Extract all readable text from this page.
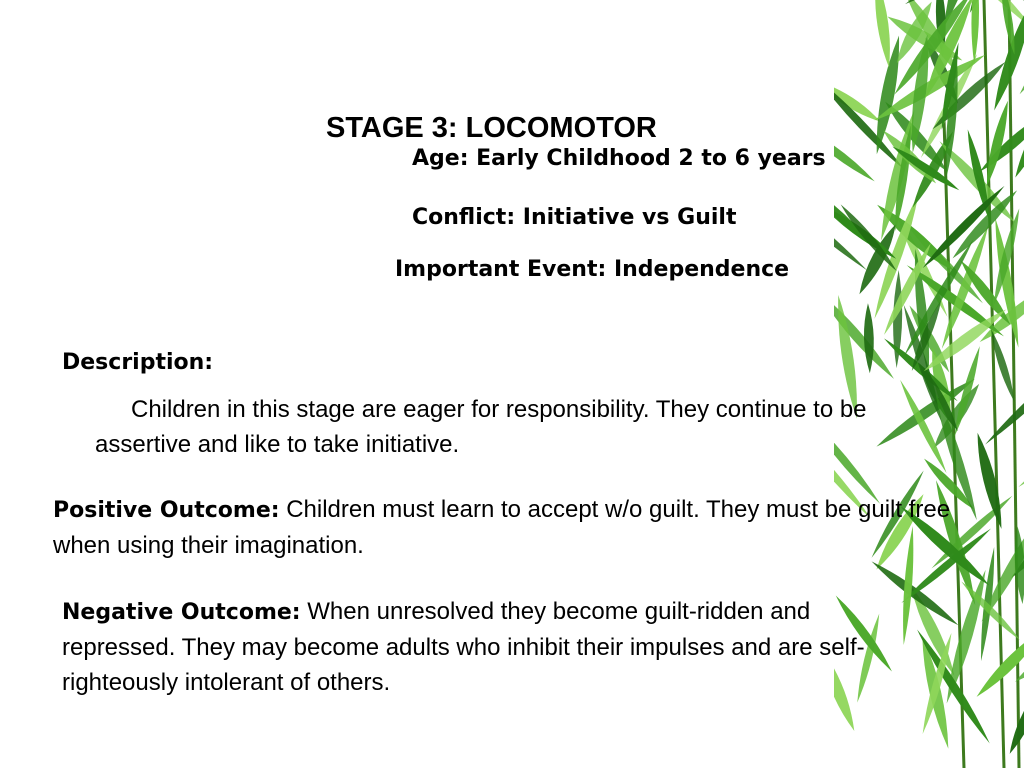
STAGE 3: LOCOMOTOR
Age: Early Childhood 2 to 6 years
Conflict: Initiative vs Guilt
Important Event: Independence
Description:
Children in this stage are eager for responsibility. They continue to be assertive and like to take initiative.
Positive Outcome: Children must learn to accept w/o guilt. They must be guilt free when using their imagination.
Negative Outcome: When unresolved they become guilt-ridden and repressed. They may become adults who inhibit their impulses and are self-righteously intolerant of others.
